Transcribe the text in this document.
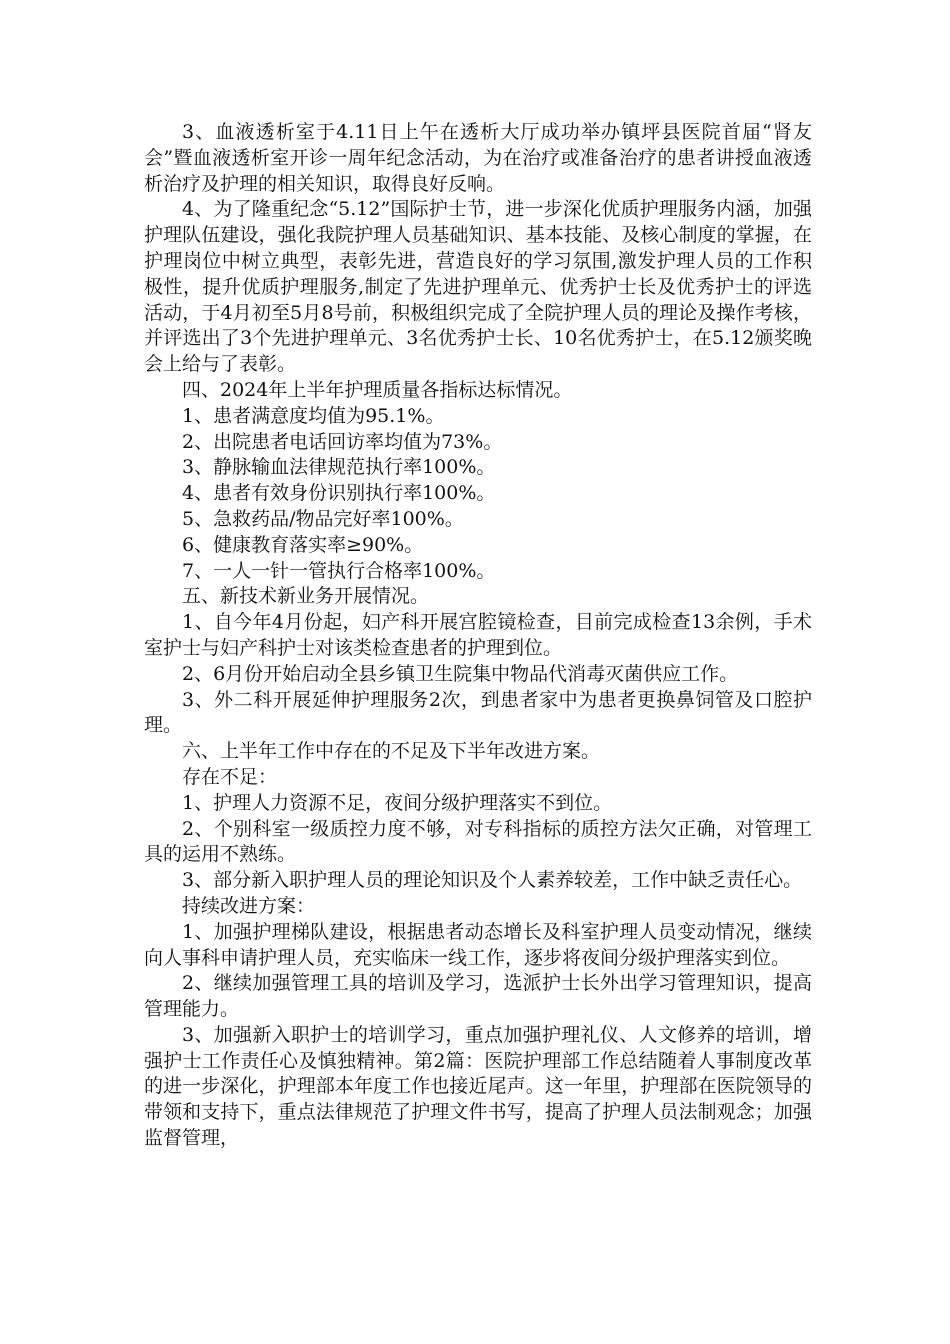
3、血液透析室于4.11日上午在透析大厅成功举办镇坪县医院首届“肾友会”暨血液透析室开诊一周年纪念活动，为在治疗或准备治疗的患者讲授血液透析治疗及护理的相关知识，取得良好反响。

4、为了隆重纪念“5.12”国际护士节，进一步深化优质护理服务内涵，加强护理队伍建设，强化我院护理人员基础知识、基本技能、及核心制度的掌握，在护理岗位中树立典型，表彰先进，营造良好的学习氛围,激发护理人员的工作积极性，提升优质护理服务,制定了先进护理单元、优秀护士长及优秀护士的评选活动，于4月初至5月8号前，积极组织完成了全院护理人员的理论及操作考核，并评选出了3个先进护理单元、3名优秀护士长、10名优秀护士，在5.12颁奖晚会上给与了表彰。

四、2024年上半年护理质量各指标达标情况。

1、患者满意度均值为95.1%。

2、出院患者电话回访率均值为73%。

3、静脉输血法律规范执行率100%。

4、患者有效身份识别执行率100%。

5、急救药品/物品完好率100%。

6、健康教育落实率≥90%。

7、一人一针一管执行合格率100%。

五、新技术新业务开展情况。

1、自今年4月份起，妇产科开展宫腔镜检查，目前完成检查13余例，手术室护士与妇产科护士对该类检查患者的护理到位。

2、6月份开始启动全县乡镇卫生院集中物品代消毒灭菌供应工作。

3、外二科开展延伸护理服务2次，到患者家中为患者更换鼻饲管及口腔护理。

六、上半年工作中存在的不足及下半年改进方案。

存在不足：

1、护理人力资源不足，夜间分级护理落实不到位。

2、个别科室一级质控力度不够，对专科指标的质控方法欠正确，对管理工具的运用不熟练。

3、部分新入职护理人员的理论知识及个人素养较差，工作中缺乏责任心。

持续改进方案：

1、加强护理梯队建设，根据患者动态增长及科室护理人员变动情况，继续向人事科申请护理人员，充实临床一线工作，逐步将夜间分级护理落实到位。

2、继续加强管理工具的培训及学习，选派护士长外出学习管理知识，提高管理能力。

3、加强新入职护士的培训学习，重点加强护理礼仪、人文修养的培训，增强护士工作责任心及慎独精神。第2篇：医院护理部工作总结随着人事制度改革的进一步深化，护理部本年度工作也接近尾声。这一年里，护理部在医院领导的带领和支持下，重点法律规范了护理文件书写，提高了护理人员法制观念；加强监督管理，
